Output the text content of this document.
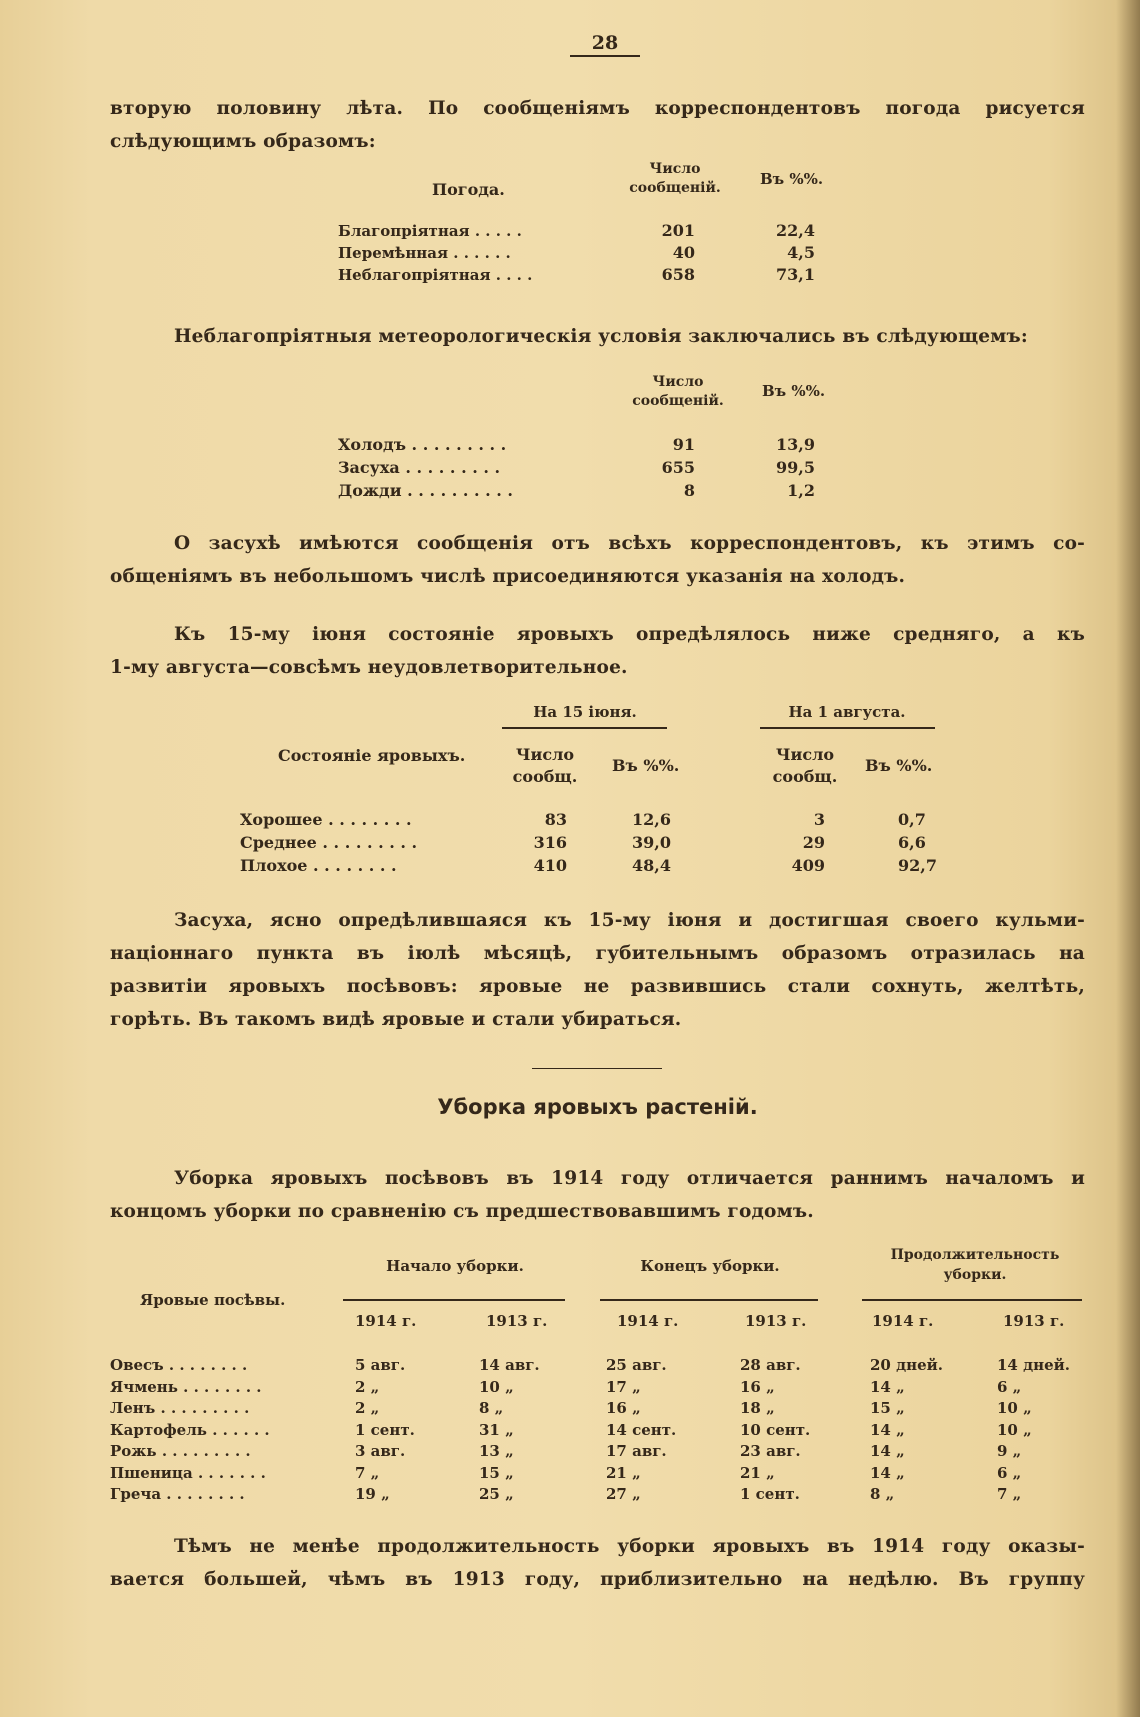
28
вторую половину лѣта. По сообщеніямъ корреспондентовъ погода рисуется
слѣдующимъ образомъ:
Погода.
Число сообщеній.	Въ %%.
Благопріятная . . . . .	201	22,4
Перемѣнная . . . . . .	40	4,5
Неблагопріятная . . . .	658	73,1
Неблагопріятныя метеорологическія условія заключались въ слѣдующемъ:
Число сообщеній.
Въ %%.
Холодъ . . . . . . . . .	91	13,9
Засуха . . . . . . . . .	655	99,5
Дожди . . . . . . . . . .	8	1,2
О засухѣ имѣются сообщенія отъ всѣхъ корреспондентовъ, къ этимъ со-
общеніямъ въ небольшомъ числѣ присоединяются указанія на холодъ.
Къ 15-му іюня состояніе яровыхъ опредѣлялось ниже средняго, а къ
1-му августа—совсѣмъ неудовлетворительное.
На 15 іюня.	На 1 августа.
Состояніе яровыхъ.	Число сообщ.
Въ %%.
Число сообщ.
Въ %%.
Хорошее . . . . . . . .	83	12,6	3	0,7
Среднее . . . . . . . . .	316	39,0	29	6,6
Плохое . . . . . . . .	410	48,4	409	92,7
Засуха, ясно опредѣлившаяся къ 15-му іюня и достигшая своего кульми-
націоннаго пункта въ іюлѣ мѣсяцѣ, губительнымъ образомъ отразилась на
развитіи яровыхъ посѣвовъ: яровые не развившись стали сохнуть, желтѣть,
горѣть. Въ такомъ видѣ яровые и стали убираться.
Уборка яровыхъ растеній.
Уборка яровыхъ посѣвовъ въ 1914 году отличается раннимъ началомъ и
концомъ уборки по сравненію съ предшествовавшимъ годомъ.
Яровые посѣвы.
Начало уборки.	Конецъ уборки.
Продолжительность уборки.
1914 г.	1913 г.	1914 г.	1913 г.	1914 г.	1913 г.
Овесъ . . . . . . . .	5 авг.	14 авг.	25 авг.	28 авг.	20 дней.	14 дней.
Ячмень . . . . . . . .	2 „	10 „	17 „	16 „	14 „	6 „
Ленъ . . . . . . . . .	2 „	8 „	16 „	18 „	15 „	10 „
Картофель . . . . . .	1 сент.	31 „	14 сент.	10 сент.	14 „	10 „
Рожь . . . . . . . . .	3 авг.	13 „	17 авг.	23 авг.	14 „	9 „
Пшеница . . . . . . .	7 „	15 „	21 „	21 „	14 „	6 „
Греча . . . . . . . .	19 „	25 „	27 „	1 сент.	8 „	7 „
Тѣмъ не менѣе продолжительность уборки яровыхъ въ 1914 году оказы-
вается большей, чѣмъ въ 1913 году, приблизительно на недѣлю. Въ группу
